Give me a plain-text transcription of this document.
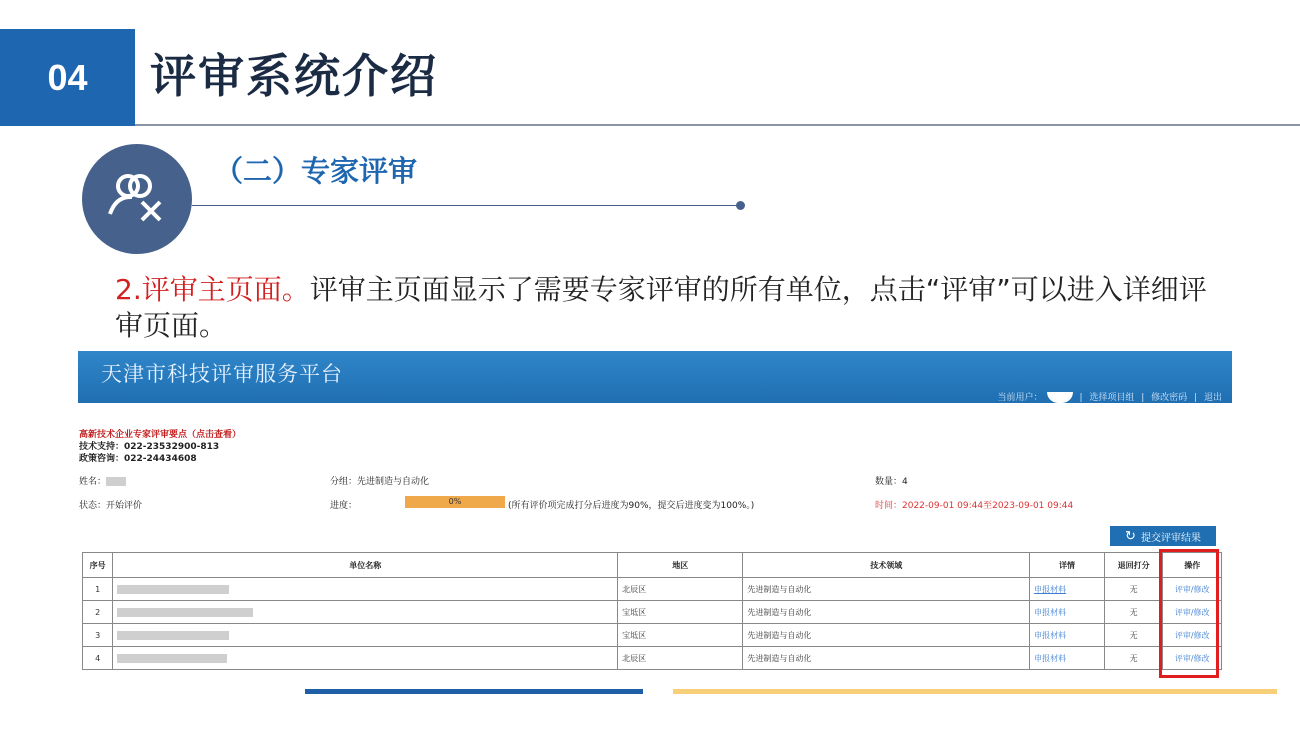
04	评审系统介绍
（二）专家评审
2.评审主页面。评审主页面显示了需要专家评审的所有单位，点击“评审”可以进入详细评审页面。
天津市科技评审服务平台
当前用户：	| 选择项目组 | 修改密码 | 退出
高新技术企业专家评审要点（点击查看）
技术支持：022-23532900-813
政策咨询：022-24434608
姓名：	分组：先进制造与自动化	数量：4
状态：开始评价	进度：	0%	(所有评价项完成打分后进度为90%，提交后进度变为100%。)	时间：2022-09-01 09:44至2023-09-01 09:44
↻ 提交评审结果
序号	单位名称	地区	技术领域	详情	退回打分	操作
1		北辰区	先进制造与自动化	申报材料	无	评审/修改
2		宝坻区	先进制造与自动化	申报材料	无	评审/修改
3		宝坻区	先进制造与自动化	申报材料	无	评审/修改
4		北辰区	先进制造与自动化	申报材料	无	评审/修改
